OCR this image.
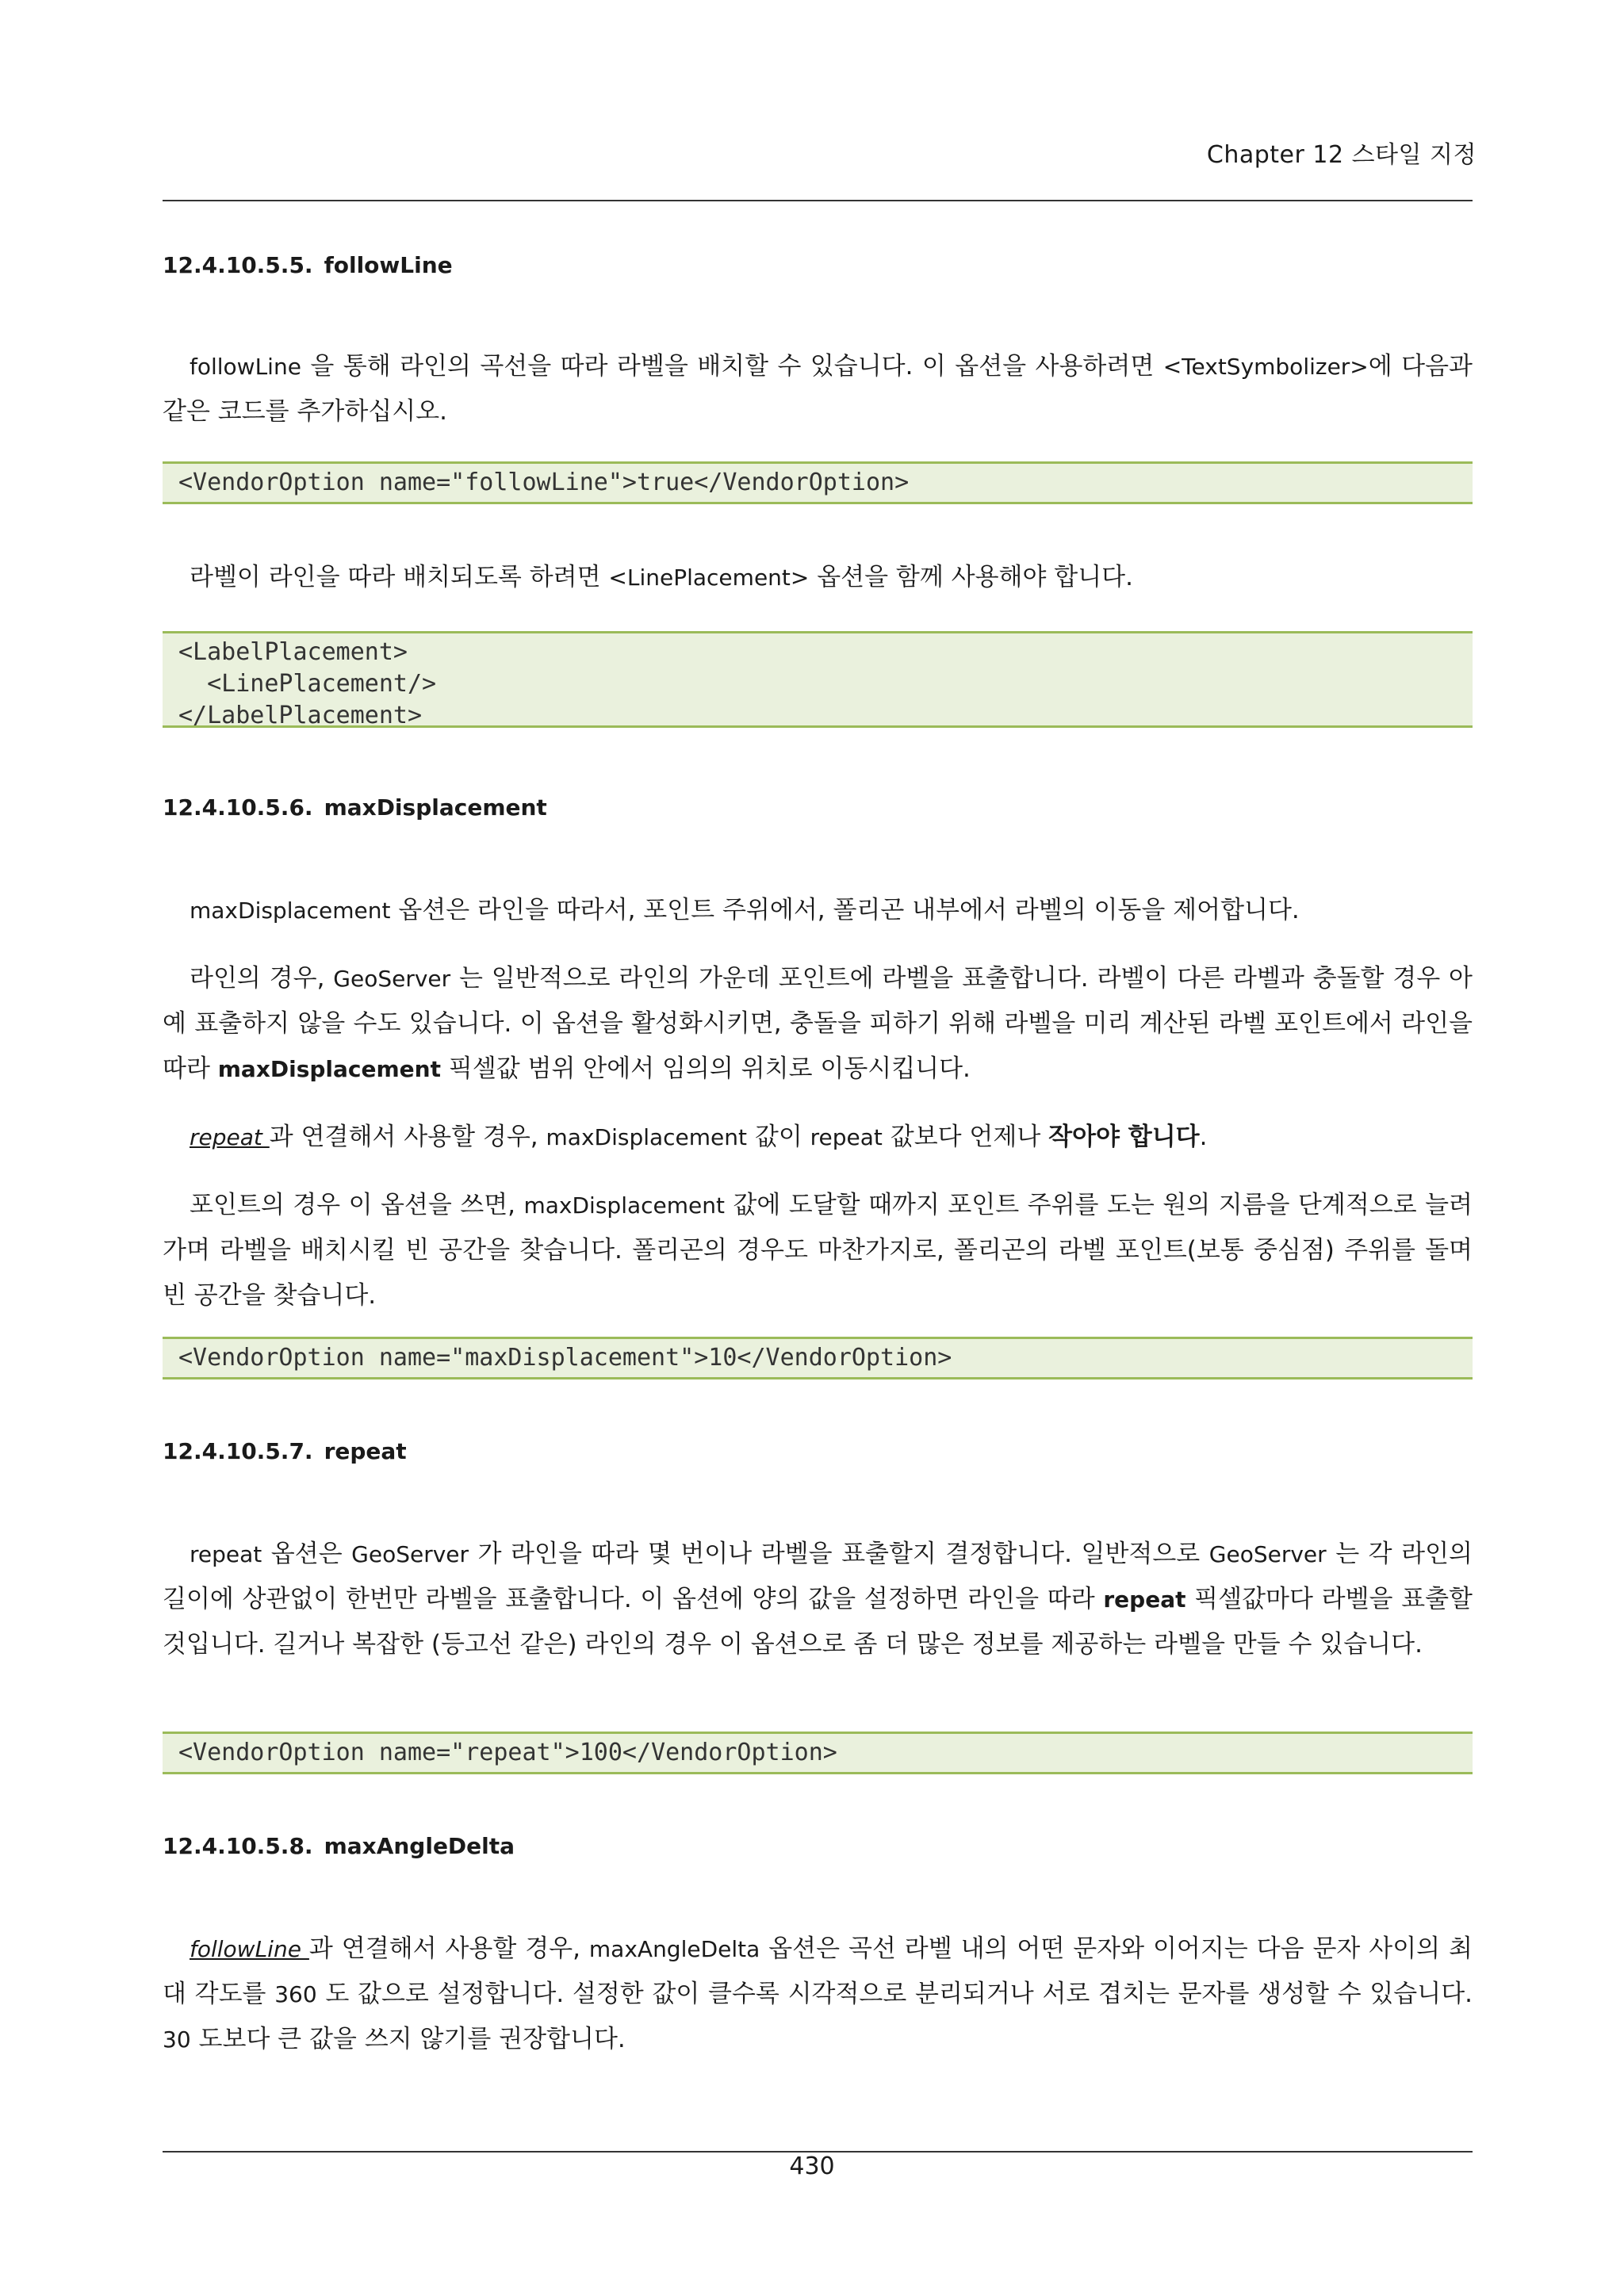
Chapter 12 스타일 지정
12.4.10.5.5. followLine
followLine 을 통해 라인의 곡선을 따라 라벨을 배치할 수 있습니다. 이 옵션을 사용하려면 <TextSymbolizer>에 다음과 같은 코드를 추가하십시오.
<VendorOption name="followLine">true</VendorOption>
라벨이 라인을 따라 배치되도록 하려면 <LinePlacement> 옵션을 함께 사용해야 합니다.
<LabelPlacement>
<LinePlacement/>
</LabelPlacement>
12.4.10.5.6. maxDisplacement
maxDisplacement 옵션은 라인을 따라서, 포인트 주위에서, 폴리곤 내부에서 라벨의 이동을 제어합니다.
라인의 경우, GeoServer 는 일반적으로 라인의 가운데 포인트에 라벨을 표출합니다. 라벨이 다른 라벨과 충돌할 경우 아예 표출하지 않을 수도 있습니다. 이 옵션을 활성화시키면, 충돌을 피하기 위해 라벨을 미리 계산된 라벨 포인트에서 라인을 따라 maxDisplacement 픽셀값 범위 안에서 임의의 위치로 이동시킵니다.
repeat 과 연결해서 사용할 경우, maxDisplacement 값이 repeat 값보다 언제나 작아야 합니다.
포인트의 경우 이 옵션을 쓰면, maxDisplacement 값에 도달할 때까지 포인트 주위를 도는 원의 지름을 단계적으로 늘려가며 라벨을 배치시킬 빈 공간을 찾습니다. 폴리곤의 경우도 마찬가지로, 폴리곤의 라벨 포인트(보통 중심점) 주위를 돌며 빈 공간을 찾습니다.
<VendorOption name="maxDisplacement">10</VendorOption>
12.4.10.5.7. repeat
repeat 옵션은 GeoServer 가 라인을 따라 몇 번이나 라벨을 표출할지 결정합니다. 일반적으로 GeoServer 는 각 라인의 길이에 상관없이 한번만 라벨을 표출합니다. 이 옵션에 양의 값을 설정하면 라인을 따라 repeat 픽셀값마다 라벨을 표출할 것입니다. 길거나 복잡한 (등고선 같은) 라인의 경우 이 옵션으로 좀 더 많은 정보를 제공하는 라벨을 만들 수 있습니다.
<VendorOption name="repeat">100</VendorOption>
12.4.10.5.8. maxAngleDelta
followLine 과 연결해서 사용할 경우, maxAngleDelta 옵션은 곡선 라벨 내의 어떤 문자와 이어지는 다음 문자 사이의 최대 각도를 360 도 값으로 설정합니다. 설정한 값이 클수록 시각적으로 분리되거나 서로 겹치는 문자를 생성할 수 있습니다. 30 도보다 큰 값을 쓰지 않기를 권장합니다.
430
